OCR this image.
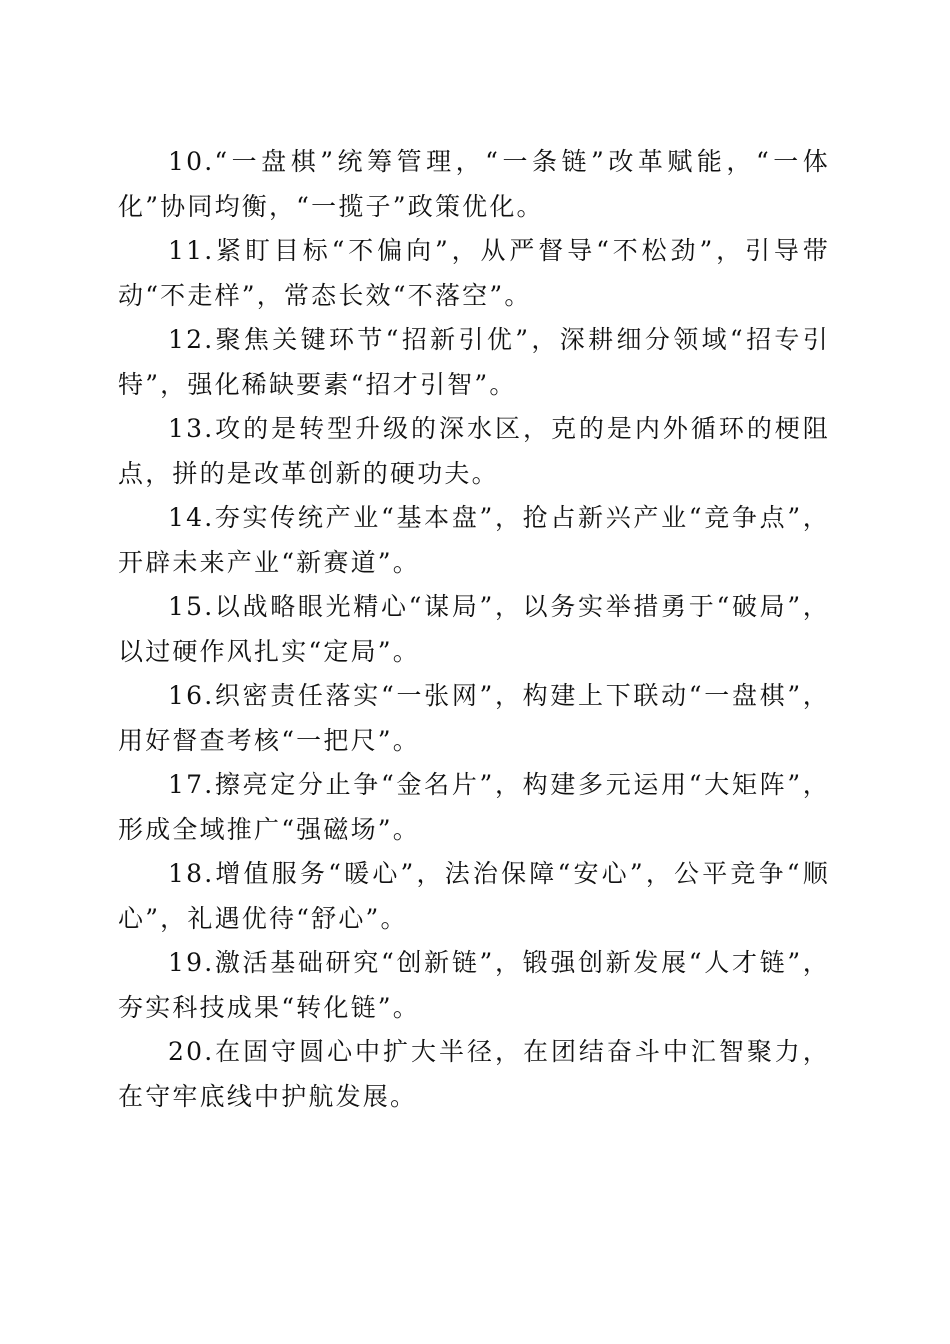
10.“一盘棋”统筹管理，“一条链”改革赋能，“一体化”协同均衡，“一揽子”政策优化。

11.紧盯目标“不偏向”，从严督导“不松劲”，引导带动“不走样”，常态长效“不落空”。

12.聚焦关键环节“招新引优”，深耕细分领域“招专引特”，强化稀缺要素“招才引智”。

13.攻的是转型升级的深水区，克的是内外循环的梗阻点，拼的是改革创新的硬功夫。

14.夯实传统产业“基本盘”，抢占新兴产业“竞争点”，开辟未来产业“新赛道”。

15.以战略眼光精心“谋局”，以务实举措勇于“破局”，以过硬作风扎实“定局”。

16.织密责任落实“一张网”，构建上下联动“一盘棋”，用好督查考核“一把尺”。

17.擦亮定分止争“金名片”，构建多元运用“大矩阵”，形成全域推广“强磁场”。

18.增值服务“暖心”，法治保障“安心”，公平竞争“顺心”，礼遇优待“舒心”。

19.激活基础研究“创新链”，锻强创新发展“人才链”，夯实科技成果“转化链”。

20.在固守圆心中扩大半径，在团结奋斗中汇智聚力，在守牢底线中护航发展。
